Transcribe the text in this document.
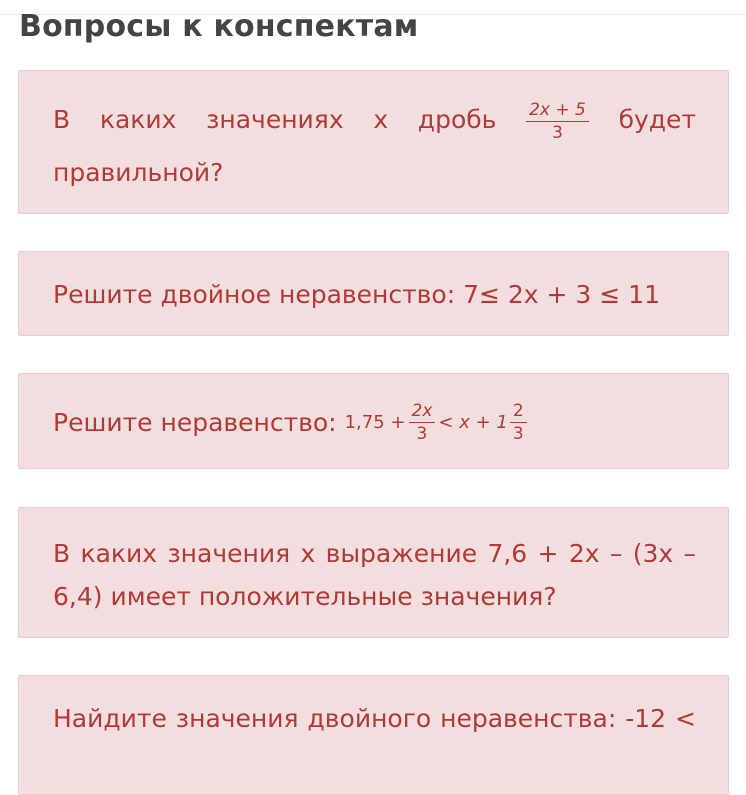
Вопросы к конспектам
В каких значениях х дробь $\frac{2x + 5}{3}$ будет
правильной?
Решите двойное неравенство: 7≤ 2x + 3 ≤ 11
Решите неравенство: $1,75 + \frac{2x}{3} < x + 1 \frac{2}{3}$
В каких значения х выражение 7,6 + 2х – (3х –
6,4) имеет положительные значения?
Найдите значения двойного неравенства: -12 <
